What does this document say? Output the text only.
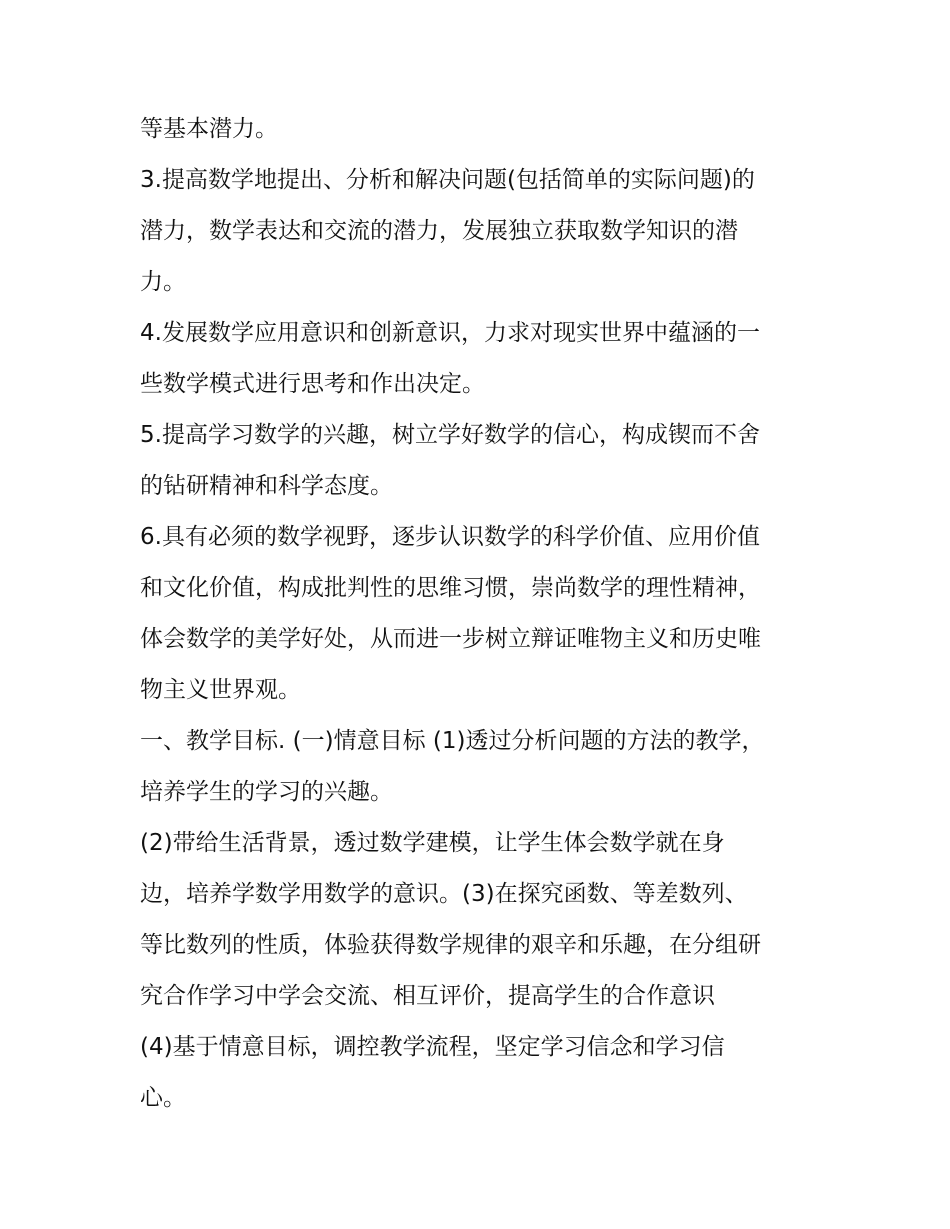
等基本潜力。
3.提高数学地提出、分析和解决问题(包括简单的实际问题)的
潜力，数学表达和交流的潜力，发展独立获取数学知识的潜
力。
4.发展数学应用意识和创新意识，力求对现实世界中蕴涵的一
些数学模式进行思考和作出决定。
5.提高学习数学的兴趣，树立学好数学的信心，构成锲而不舍
的钻研精神和科学态度。
6.具有必须的数学视野，逐步认识数学的科学价值、应用价值
和文化价值，构成批判性的思维习惯，崇尚数学的理性精神，
体会数学的美学好处，从而进一步树立辩证唯物主义和历史唯
物主义世界观。
一、教学目标. (一)情意目标 (1)透过分析问题的方法的教学，
培养学生的学习的兴趣。
(2)带给生活背景，透过数学建模，让学生体会数学就在身
边，培养学数学用数学的意识。(3)在探究函数、等差数列、
等比数列的性质，体验获得数学规律的艰辛和乐趣，在分组研
究合作学习中学会交流、相互评价，提高学生的合作意识
(4)基于情意目标，调控教学流程，坚定学习信念和学习信
心。
